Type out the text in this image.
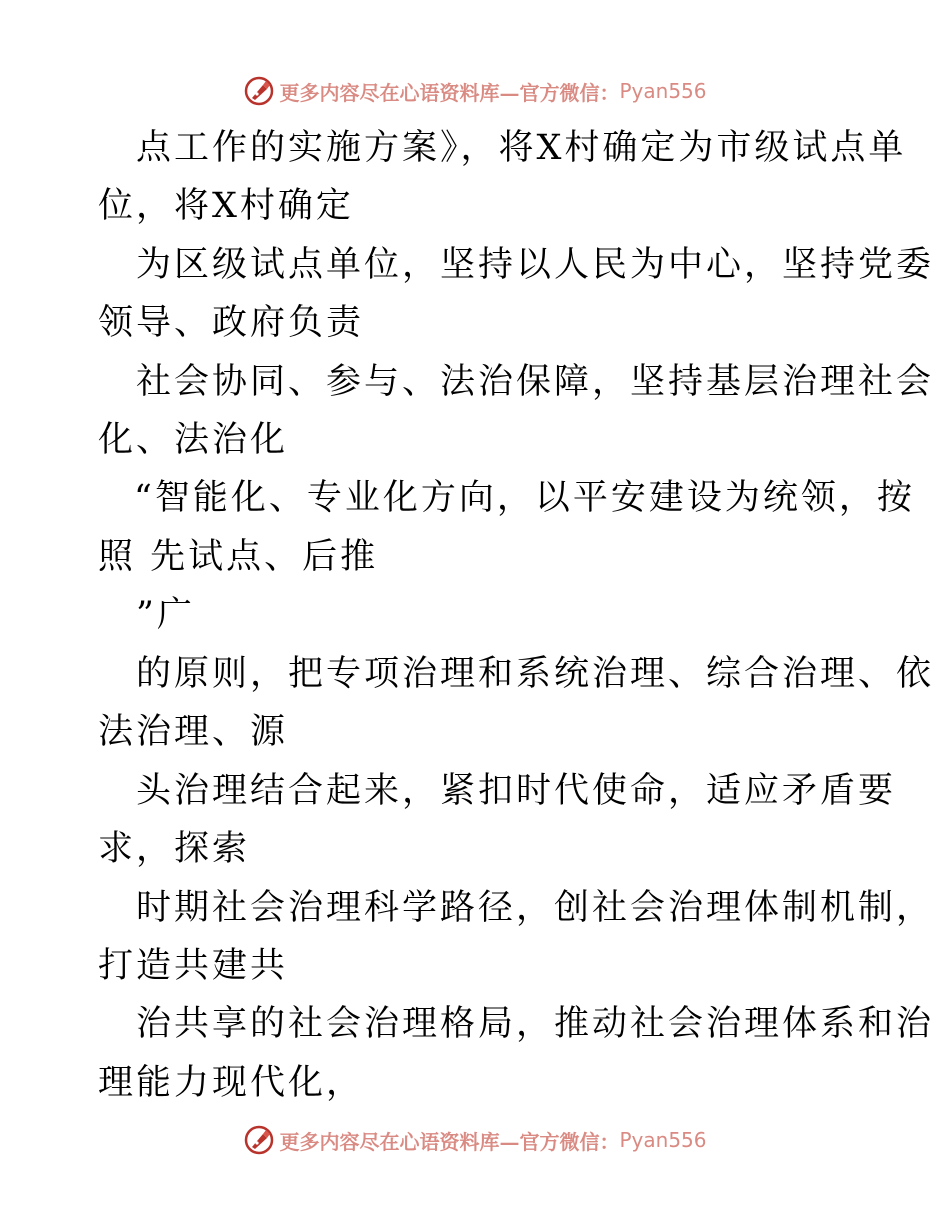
更多内容尽在心语资料库—官方微信： Pyan556
点工作的实施方案》，将X村确定为市级试点单
位，将X村确定
为区级试点单位，坚持以人民为中心，坚持党委
领导、政府负责
社会协同、参与、法治保障，坚持基层治理社会
化、法治化
“智能化、专业化方向，以平安建设为统领，按
照 先试点、后推
”广
的原则，把专项治理和系统治理、综合治理、依
法治理、源
头治理结合起来，紧扣时代使命，适应矛盾要
求，探索
时期社会治理科学路径，创社会治理体制机制，
打造共建共
治共享的社会治理格局，推动社会治理体系和治
理能力现代化，
更多内容尽在心语资料库—官方微信： Pyan556
